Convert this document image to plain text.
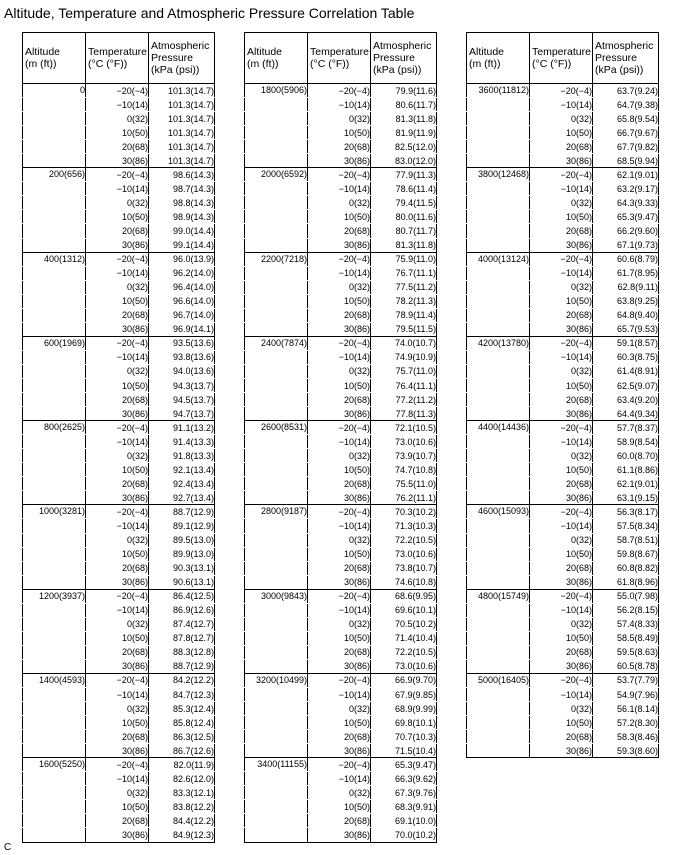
Altitude, Temperature and Atmospheric Pressure Correlation Table
C
Altitude
(m (ft))	Temperature
(°C (°F))	Atmospheric
Pressure
(kPa (psi))
0	−20(−4)	101.3(14.7)
	−10(14)	101.3(14.7)
	0(32)	101.3(14.7)
	10(50)	101.3(14.7)
	20(68)	101.3(14.7)
	30(86)	101.3(14.7)
200(656)	−20(−4)	98.6(14.3)
	−10(14)	98.7(14.3)
	0(32)	98.8(14.3)
	10(50)	98.9(14.3)
	20(68)	99.0(14.4)
	30(86)	99.1(14.4)
400(1312)	−20(−4)	96.0(13.9)
	−10(14)	96.2(14.0)
	0(32)	96.4(14.0)
	10(50)	96.6(14.0)
	20(68)	96.7(14.0)
	30(86)	96.9(14.1)
600(1969)	−20(−4)	93.5(13.6)
	−10(14)	93.8(13.6)
	0(32)	94.0(13.6)
	10(50)	94.3(13.7)
	20(68)	94.5(13.7)
	30(86)	94.7(13.7)
800(2625)	−20(−4)	91.1(13.2)
	−10(14)	91.4(13.3)
	0(32)	91.8(13.3)
	10(50)	92.1(13.4)
	20(68)	92.4(13.4)
	30(86)	92.7(13.4)
1000(3281)	−20(−4)	88.7(12.9)
	−10(14)	89.1(12.9)
	0(32)	89.5(13.0)
	10(50)	89.9(13.0)
	20(68)	90.3(13.1)
	30(86)	90.6(13.1)
1200(3937)	−20(−4)	86.4(12.5)
	−10(14)	86.9(12.6)
	0(32)	87.4(12.7)
	10(50)	87.8(12.7)
	20(68)	88.3(12.8)
	30(86)	88.7(12.9)
1400(4593)	−20(−4)	84.2(12.2)
	−10(14)	84.7(12.3)
	0(32)	85.3(12.4)
	10(50)	85.8(12.4)
	20(68)	86.3(12.5)
	30(86)	86.7(12.6)
1600(5250)	−20(−4)	82.0(11.9)
	−10(14)	82.6(12.0)
	0(32)	83.3(12.1)
	10(50)	83.8(12.2)
	20(68)	84.4(12.2)
	30(86)	84.9(12.3)
Altitude
(m (ft))	Temperature
(°C (°F))	Atmospheric
Pressure
(kPa (psi))
1800(5906)	−20(−4)	79.9(11.6)
	−10(14)	80.6(11.7)
	0(32)	81.3(11.8)
	10(50)	81.9(11.9)
	20(68)	82.5(12.0)
	30(86)	83.0(12.0)
2000(6592)	−20(−4)	77.9(11.3)
	−10(14)	78.6(11.4)
	0(32)	79.4(11.5)
	10(50)	80.0(11.6)
	20(68)	80.7(11.7)
	30(86)	81.3(11.8)
2200(7218)	−20(−4)	75.9(11.0)
	−10(14)	76.7(11.1)
	0(32)	77.5(11.2)
	10(50)	78.2(11.3)
	20(68)	78.9(11.4)
	30(86)	79.5(11.5)
2400(7874)	−20(−4)	74.0(10.7)
	−10(14)	74.9(10.9)
	0(32)	75.7(11.0)
	10(50)	76.4(11.1)
	20(68)	77.2(11.2)
	30(86)	77.8(11.3)
2600(8531)	−20(−4)	72.1(10.5)
	−10(14)	73.0(10.6)
	0(32)	73.9(10.7)
	10(50)	74.7(10.8)
	20(68)	75.5(11.0)
	30(86)	76.2(11.1)
2800(9187)	−20(−4)	70.3(10.2)
	−10(14)	71.3(10.3)
	0(32)	72.2(10.5)
	10(50)	73.0(10.6)
	20(68)	73.8(10.7)
	30(86)	74.6(10.8)
3000(9843)	−20(−4)	68.6(9.95)
	−10(14)	69.6(10.1)
	0(32)	70.5(10.2)
	10(50)	71.4(10.4)
	20(68)	72.2(10.5)
	30(86)	73.0(10.6)
3200(10499)	−20(−4)	66.9(9.70)
	−10(14)	67.9(9.85)
	0(32)	68.9(9.99)
	10(50)	69.8(10.1)
	20(68)	70.7(10.3)
	30(86)	71.5(10.4)
3400(11155)	−20(−4)	65.3(9.47)
	−10(14)	66.3(9.62)
	0(32)	67.3(9.76)
	10(50)	68.3(9.91)
	20(68)	69.1(10.0)
	30(86)	70.0(10.2)
Altitude
(m (ft))	Temperature
(°C (°F))	Atmospheric
Pressure
(kPa (psi))
3600(11812)	−20(−4)	63.7(9.24)
	−10(14)	64.7(9.38)
	0(32)	65.8(9.54)
	10(50)	66.7(9.67)
	20(68)	67.7(9.82)
	30(86)	68.5(9.94)
3800(12468)	−20(−4)	62.1(9.01)
	−10(14)	63.2(9.17)
	0(32)	64.3(9.33)
	10(50)	65.3(9.47)
	20(68)	66.2(9.60)
	30(86)	67.1(9.73)
4000(13124)	−20(−4)	60.6(8.79)
	−10(14)	61.7(8.95)
	0(32)	62.8(9.11)
	10(50)	63.8(9.25)
	20(68)	64.8(9.40)
	30(86)	65.7(9.53)
4200(13780)	−20(−4)	59.1(8.57)
	−10(14)	60.3(8.75)
	0(32)	61.4(8.91)
	10(50)	62.5(9.07)
	20(68)	63.4(9.20)
	30(86)	64.4(9.34)
4400(14436)	−20(−4)	57.7(8.37)
	−10(14)	58.9(8.54)
	0(32)	60.0(8.70)
	10(50)	61.1(8.86)
	20(68)	62.1(9.01)
	30(86)	63.1(9.15)
4600(15093)	−20(−4)	56.3(8.17)
	−10(14)	57.5(8.34)
	0(32)	58.7(8.51)
	10(50)	59.8(8.67)
	20(68)	60.8(8.82)
	30(86)	61.8(8.96)
4800(15749)	−20(−4)	55.0(7.98)
	−10(14)	56.2(8.15)
	0(32)	57.4(8.33)
	10(50)	58.5(8.49)
	20(68)	59.5(8.63)
	30(86)	60.5(8.78)
5000(16405)	−20(−4)	53.7(7.79)
	−10(14)	54.9(7.96)
	0(32)	56.1(8.14)
	10(50)	57.2(8.30)
	20(68)	58.3(8.46)
	30(86)	59.3(8.60)
